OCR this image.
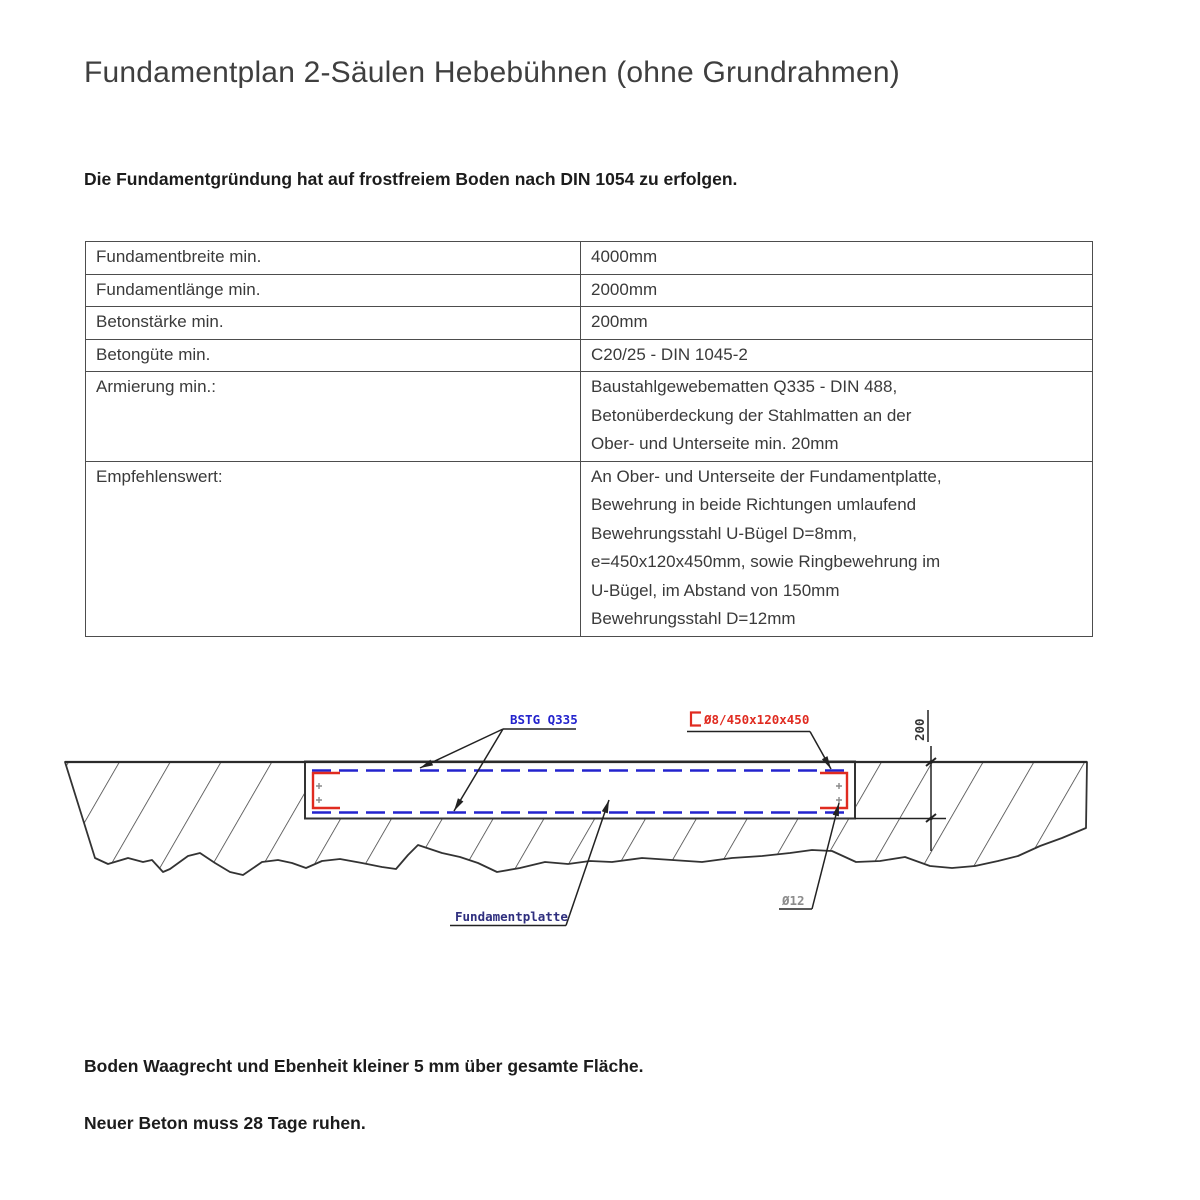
Fundamentplan 2-Säulen Hebebühnen (ohne Grundrahmen)
Die Fundamentgründung hat auf frostfreiem Boden nach DIN 1054 zu erfolgen.
Fundamentbreite min.	4000mm

Fundamentlänge min.	2000mm

Betonstärke min.	200mm

Betongüte min.	C20/25 - DIN 1045-2

Armierung min.:	Baustahlgewebematten Q335 - DIN 488,
Betonüberdeckung der Stahlmatten an der
Ober- und Unterseite min. 20mm

Empfehlenswert:	An Ober- und Unterseite der Fundamentplatte,
Bewehrung in beide Richtungen umlaufend
Bewehrungsstahl U-Bügel D=8mm,
e=450x120x450mm, sowie Ringbewehrung im
U-Bügel, im Abstand von 150mm
Bewehrungsstahl D=12mm
200
BSTG Q335	Ø8/450x120x450
Fundamentplatte
Ø12
Boden Waagrecht und Ebenheit kleiner 5 mm über gesamte Fläche.
Neuer Beton muss 28 Tage ruhen.
